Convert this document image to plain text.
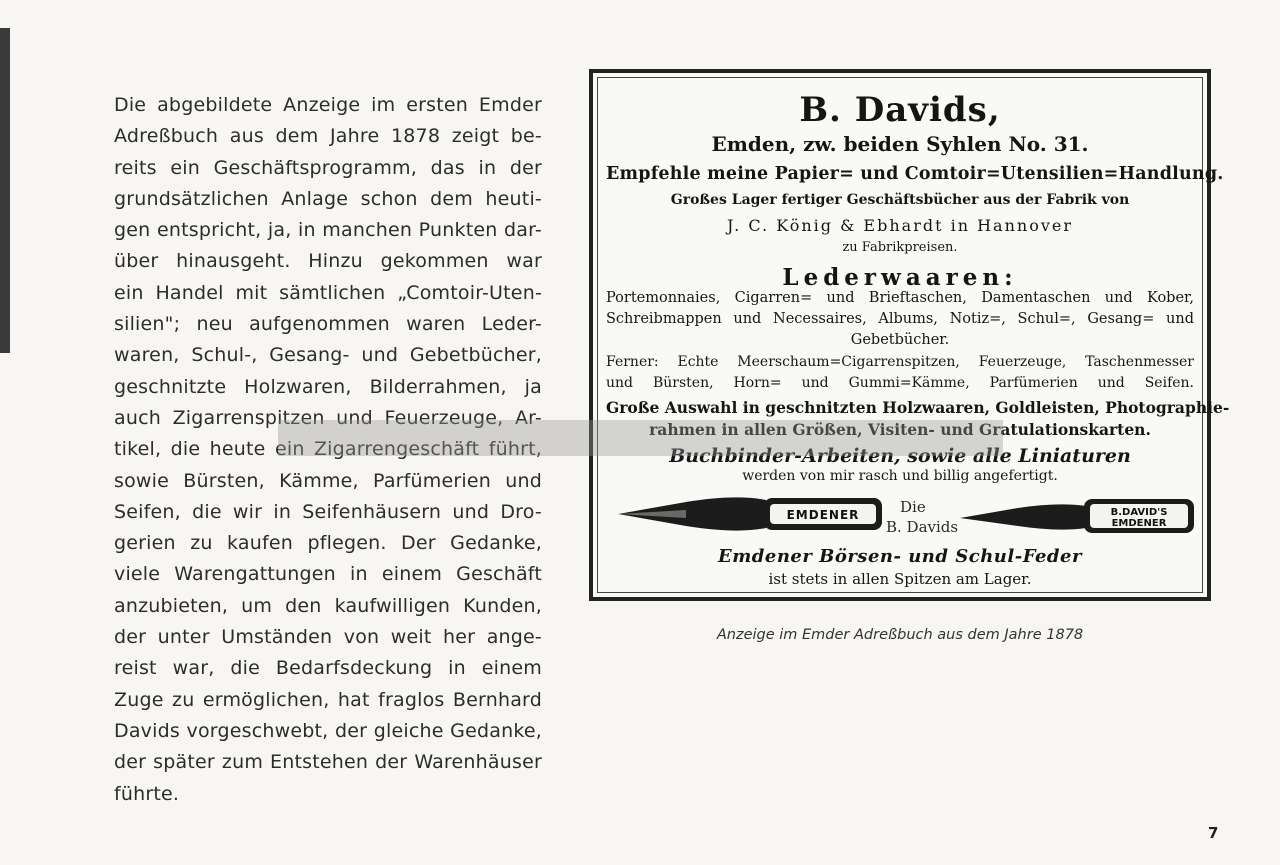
Die abgebildete Anzeige im ersten Emder
Adreßbuch aus dem Jahre 1878 zeigt be-
reits ein Geschäftsprogramm, das in der
grundsätzlichen Anlage schon dem heuti-
gen entspricht, ja, in manchen Punkten dar-
über hinausgeht. Hinzu gekommen war
ein Handel mit sämtlichen „Comtoir-Uten-
silien"; neu aufgenommen waren Leder-
waren, Schul-, Gesang- und Gebetbücher,
geschnitzte Holzwaren, Bilderrahmen, ja
auch Zigarrenspitzen und Feuerzeuge, Ar-
tikel, die heute ein Zigarrengeschäft führt,
sowie Bürsten, Kämme, Parfümerien und
Seifen, die wir in Seifenhäusern und Dro-
gerien zu kaufen pflegen. Der Gedanke,
viele Warengattungen in einem Geschäft
anzubieten, um den kaufwilligen Kunden,
der unter Umständen von weit her ange-
reist war, die Bedarfsdeckung in einem
Zuge zu ermöglichen, hat fraglos Bernhard
Davids vorgeschwebt, der gleiche Gedanke,
der später zum Entstehen der Warenhäuser
führte.
B. Davids,
Emden, zw. beiden Syhlen No. 31.
Empfehle meine Papier= und Comtoir=Utensilien=Handlung.
Großes Lager fertiger Geschäftsbücher aus der Fabrik von
J. C. König & Ebhardt in Hannover
zu Fabrikpreisen.
Lederwaaren:
Portemonnaies, Cigarren= und Brieftaschen, Damentaschen und Kober,
Schreibmappen und Necessaires, Albums, Notiz=, Schul=, Gesang= und
Gebetbücher.
Ferner: Echte Meerschaum=Cigarrenspitzen, Feuerzeuge, Taschenmesser
und Bürsten, Horn= und Gummi=Kämme, Parfümerien und Seifen.
Große Auswahl in geschnitzten Holzwaaren, Goldleisten, Photographie-
rahmen in allen Größen, Visiten- und Gratulationskarten.
Buchbinder-Arbeiten, sowie alle Liniaturen
werden von mir rasch und billig angefertigt.
EMDENER	Die
B. Davids
B.DAVID'S
EMDENER
Emdener Börsen- und Schul-Feder
ist stets in allen Spitzen am Lager.
Anzeige im Emder Adreßbuch aus dem Jahre 1878
7
